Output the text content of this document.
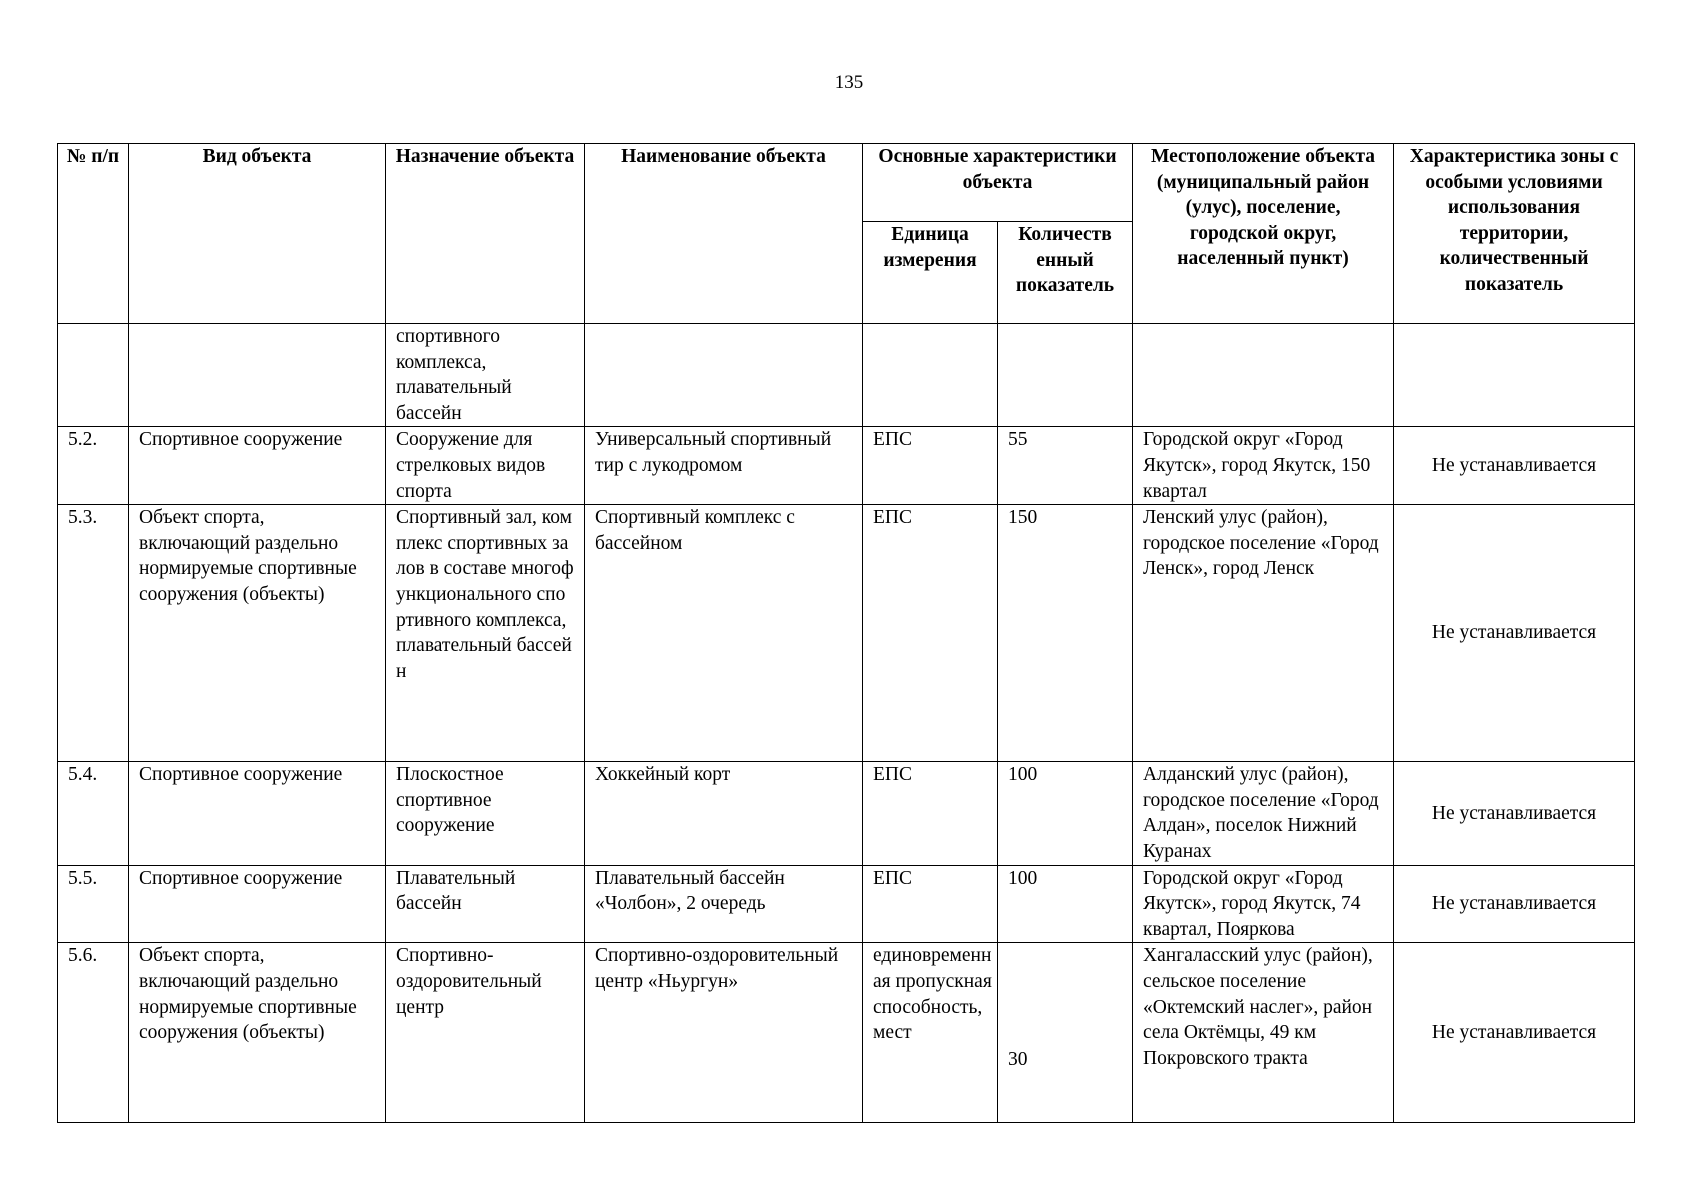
135
№ п/п	Вид объекта	Назначение объекта	Наименование объекта	Основные характеристики объекта		Местоположение объекта (муниципальный район (улус), поселение, городской округ, населенный пункт)	Характеристика зоны с особыми условиями использования территории, количественный показатель
				Единица измерения	Количеств енный показатель		
		спортивного комплекса, плавательный бассейн					
5.2.	Спортивное сооружение	Сооружение для стрелковых видов спорта	Универсальный спортивный тир с лукодромом	ЕПС	55	Городской округ «Город Якутск», город Якутск, 150 квартал	Не устанавливается
5.3.	Объект спорта, включающий раздельно нормируемые спортивные сооружения (объекты)	Спортивный зал, комплекс спортивных залов в составе многофункционального спортивного комплекса, плавательный бассейн	Спортивный комплекс с бассейном	ЕПС	150	Ленский улус (район), городское поселение «Город Ленск», город Ленск	Не устанавливается
5.4.	Спортивное сооружение	Плоскостное спортивное сооружение	Хоккейный корт	ЕПС	100	Алданский улус (район), городское поселение «Город Алдан», поселок Нижний Куранах	Не устанавливается
5.5.	Спортивное сооружение	Плавательный бассейн	Плавательный бассейн «Чолбон», 2 очередь	ЕПС	100	Городской округ «Город Якутск», город Якутск, 74 квартал, Пояркова	Не устанавливается
5.6.	Объект спорта, включающий раздельно нормируемые спортивные сооружения (объекты)	Спортивно-оздоровительный центр	Спортивно-оздоровительный центр «Ньургун»	единовременная пропускная способность, мест	30	Хангаласский улус (район), сельское поселение «Октемский наслег», район села Октёмцы, 49 км Покровского тракта	Не устанавливается
